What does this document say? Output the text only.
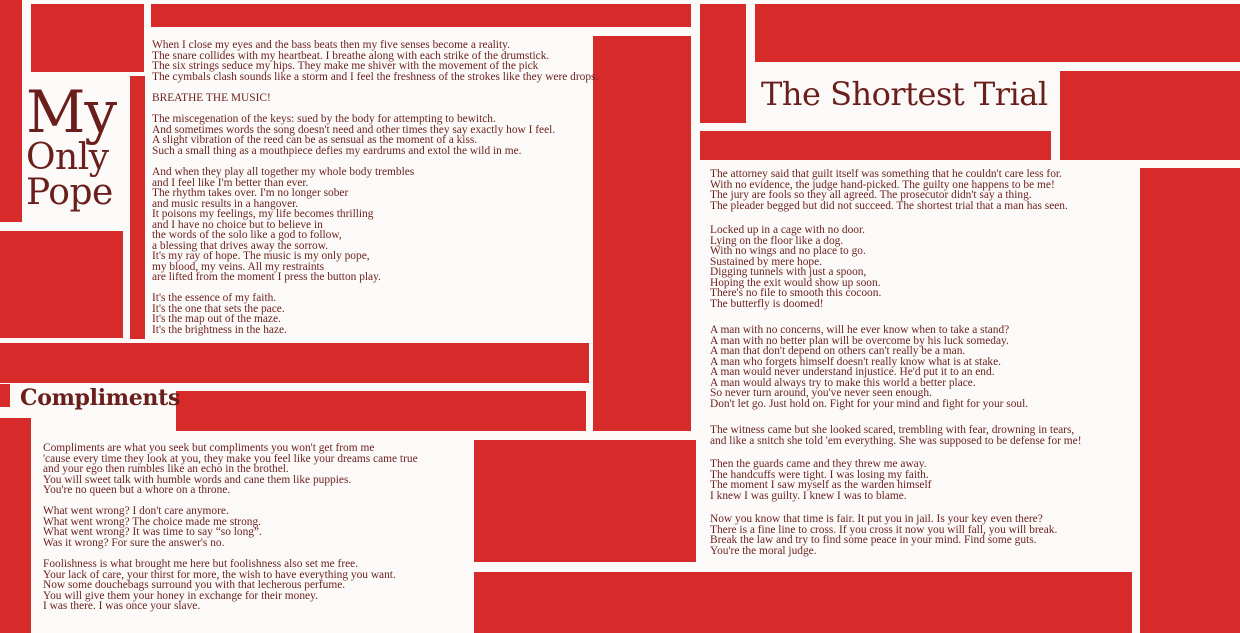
My
Only
Pope
When I close my eyes and the bass beats then my five senses become a reality.
The snare collides with my heartbeat. I breathe along with each strike of the drumstick.
The six strings seduce my hips. They make me shiver with the movement of the pick
The cymbals clash sounds like a storm and I feel the freshness of the strokes like they were drops.
BREATHE THE MUSIC!
The miscegenation of the keys: sued by the body for attempting to bewitch.
And sometimes words the song doesn't need and other times they say exactly how I feel.
A slight vibration of the reed can be as sensual as the moment of a kiss.
Such a small thing as a mouthpiece defies my eardrums and extol the wild in me.
And when they play all together my whole body trembles
and I feel like I'm better than ever.
The rhythm takes over. I'm no longer sober
and music results in a hangover.
It poisons my feelings, my life becomes thrilling
and I have no choice but to believe in
the words of the solo like a god to follow,
a blessing that drives away the sorrow.
It's my ray of hope. The music is my only pope,
my blood, my veins. All my restraints
are lifted from the moment I press the button play.
It's the essence of my faith.
It's the one that sets the pace.
It's the map out of the maze.
It's the brightness in the haze.
Compliments
Compliments are what you seek but compliments you won't get from me
'cause every time they look at you, they make you feel like your dreams came true
and your ego then rumbles like an echo in the brothel.
You will sweet talk with humble words and cane them like puppies.
You're no queen but a whore on a throne.
What went wrong? I don't care anymore.
What went wrong? The choice made me strong.
What went wrong? It was time to say “so long”.
Was it wrong? For sure the answer's no.
Foolishness is what brought me here but foolishness also set me free.
Your lack of care, your thirst for more, the wish to have everything you want.
Now some douchebags surround you with that lecherous perfume.
You will give them your honey in exchange for their money.
I was there. I was once your slave.
The Shortest Trial
The attorney said that guilt itself was something that he couldn't care less for.
With no evidence, the judge hand-picked. The guilty one happens to be me!
The jury are fools so they all agreed. The prosecutor didn't say a thing.
The pleader begged but did not succeed. The shortest trial that a man has seen.
Locked up in a cage with no door.
Lying on the floor like a dog.
With no wings and no place to go.
Sustained by mere hope.
Digging tunnels with just a spoon,
Hoping the exit would show up soon.
There's no file to smooth this cocoon.
The butterfly is doomed!
A man with no concerns, will he ever know when to take a stand?
A man with no better plan will be overcome by his luck someday.
A man that don't depend on others can't really be a man.
A man who forgets himself doesn't really know what is at stake.
A man would never understand injustice. He'd put it to an end.
A man would always try to make this world a better place.
So never turn around, you've never seen enough.
Don't let go. Just hold on. Fight for your mind and fight for your soul.
The witness came but she looked scared, trembling with fear, drowning in tears,
and like a snitch she told 'em everything. She was supposed to be defense for me!
Then the guards came and they threw me away.
The handcuffs were tight. I was losing my faith.
The moment I saw myself as the warden himself
I knew I was guilty. I knew I was to blame.
Now you know that time is fair. It put you in jail. Is your key even there?
There is a fine line to cross. If you cross it now you will fall, you will break.
Break the law and try to find some peace in your mind. Find some guts.
You're the moral judge.
